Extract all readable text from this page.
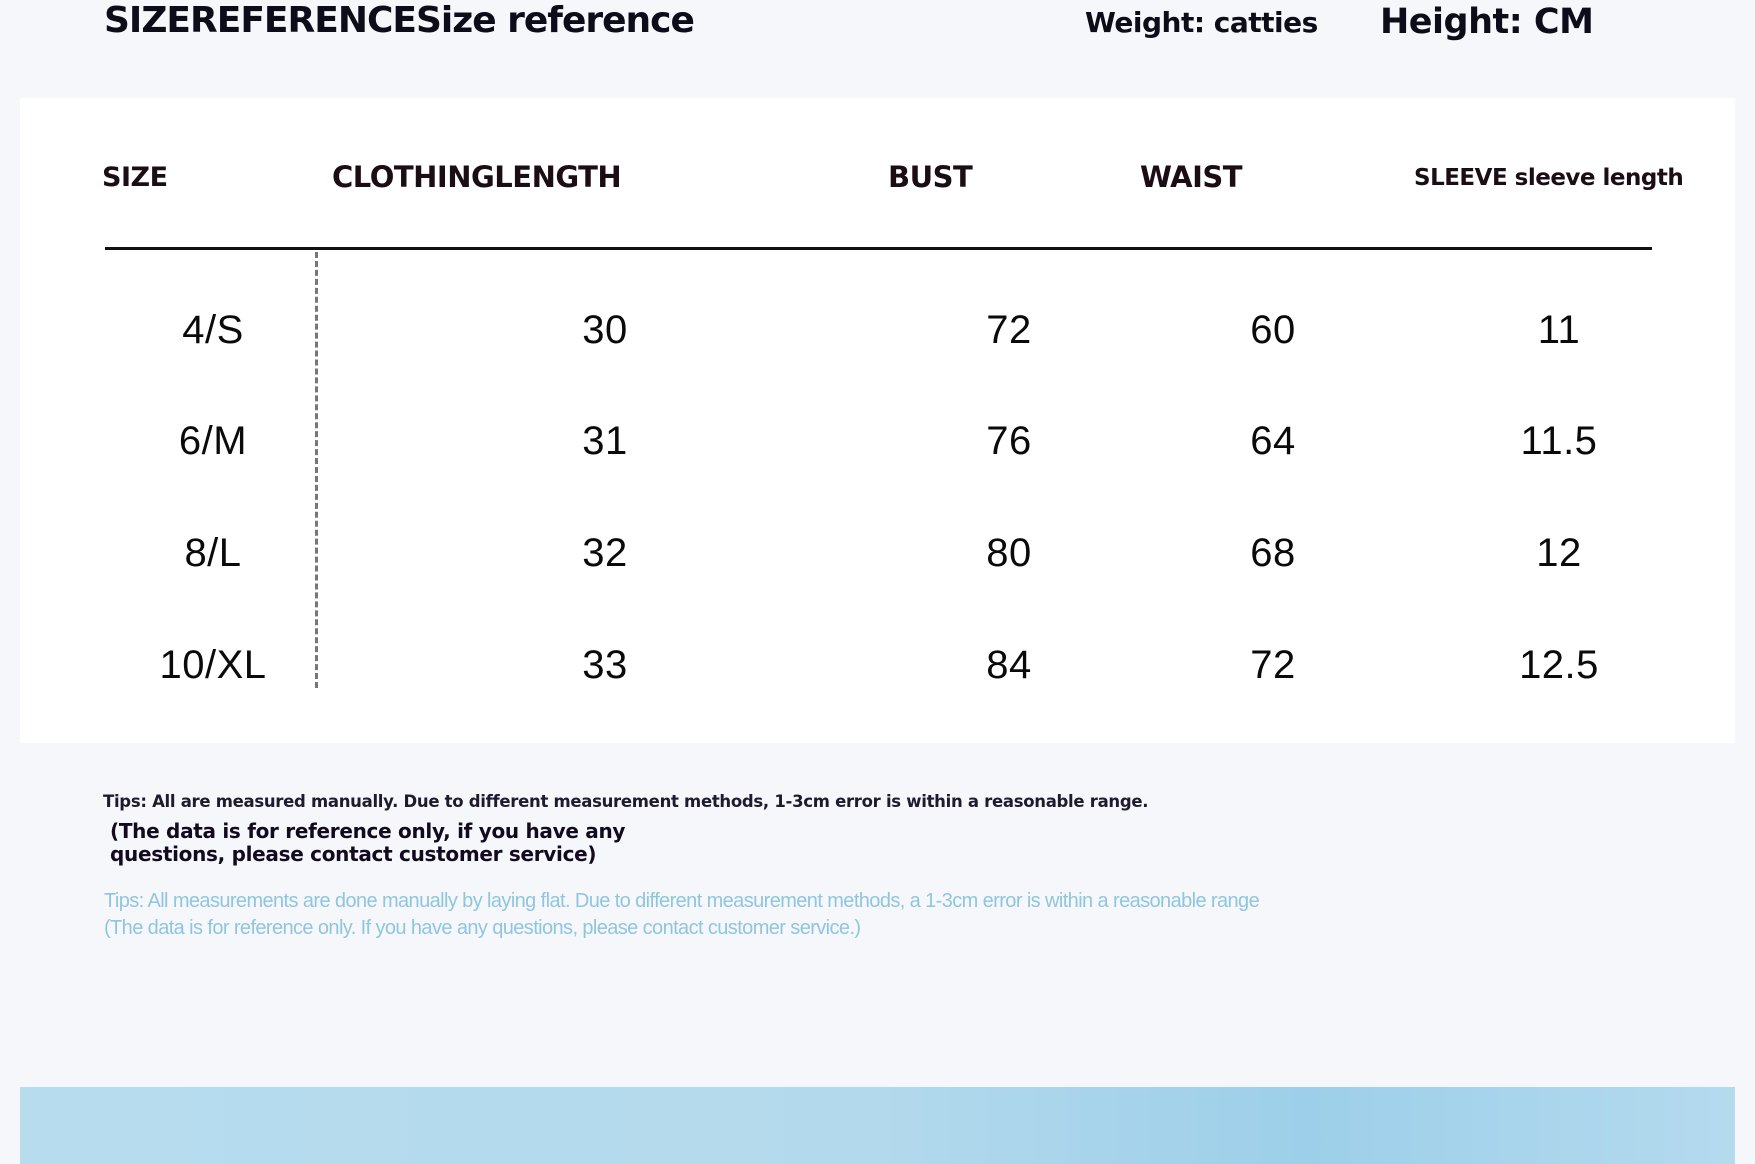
SIZEREFERENCESize reference	Weight: catties Height: CM
SIZE	CLOTHINGLENGTH	BUST	WAIST	SLEEVE sleeve length
4/S	30	72	60	11
6/M	31	76	64	11.5
8/L	32	80	68	12
10/XL	33	84	72	12.5
Tips: All are measured manually. Due to different measurement methods, 1-3cm error is within a reasonable range.
(The data is for reference only, if you have any questions, please contact customer service)
Tips: All measurements are done manually by laying flat. Due to different measurement methods, a 1-3cm error is within a reasonable range
(The data is for reference only. If you have any questions, please contact customer service.)
